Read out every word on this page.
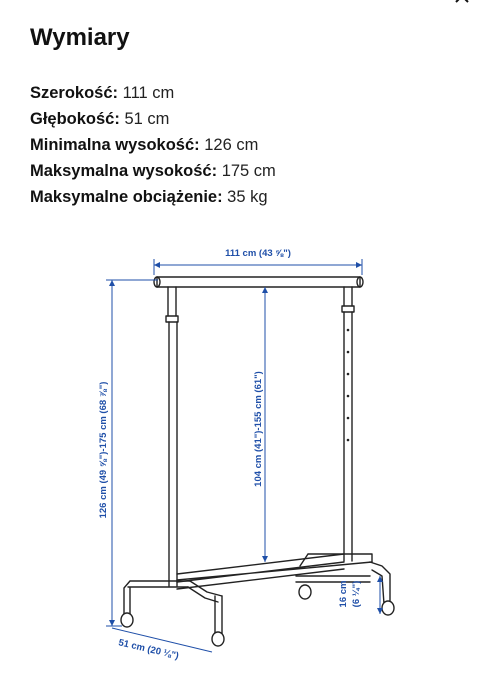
Wymiary
Szerokość: 111 cm
Głębokość: 51 cm
Minimalna wysokość: 126 cm
Maksymalna wysokość: 175 cm
Maksymalne obciążenie: 35 kg
111 cm (43 ⅝")
126 cm (49 ⅝")-175 cm (68 ⅞")	104 cm (41")-155 cm (61")
16 cm (6 ¼")
51 cm (20 ⅛")
